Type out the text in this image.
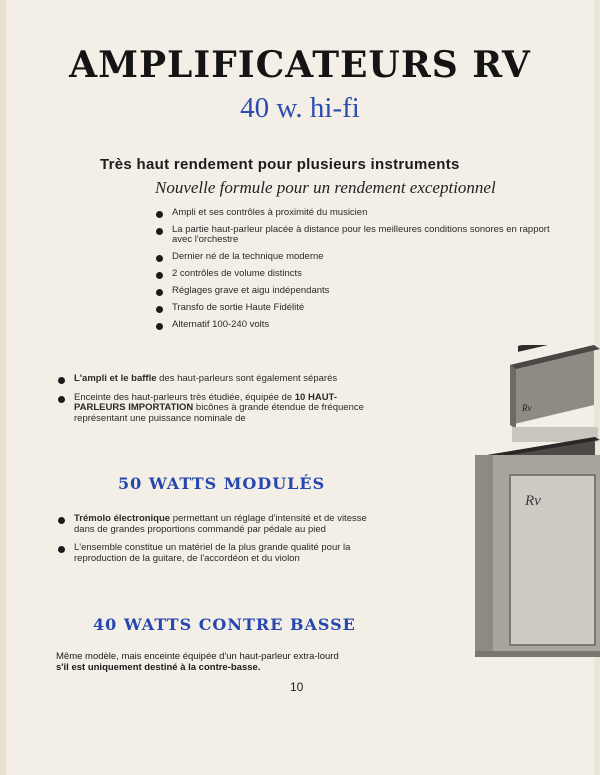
AMPLIFICATEURS RV
40 w. hi-fi
Très haut rendement pour plusieurs instruments
Nouvelle formule pour un rendement exceptionnel
Ampli et ses contrôles à proximité du musicien
La partie haut-parleur placée à distance pour les meilleures conditions sonores en rapport avec l'orchestre
Dernier né de la technique moderne
2 contrôles de volume distincts
Réglages grave et aigu indépendants
Transfo de sortie Haute Fidélité
Alternatif 100-240 volts
L'ampli et le baffle des haut-parleurs sont également séparés
Enceinte des haut-parleurs très étudiée, équipée de 10 HAUT-PARLEURS IMPORTATION bicônes à grande étendue de fréquence représentant une puissance nominale de
50 WATTS MODULÉS
Trémolo électronique permettant un réglage d'intensité et de vitesse dans de grandes proportions commandé par pédale au pied
L'ensemble constitue un matériel de la plus grande qualité pour la reproduction de la guitare, de l'accordéon et du violon
40 WATTS CONTRE BASSE
Même modèle, mais enceinte équipée d'un haut-parleur extra-lourd
s'il est uniquement destiné à la contre-basse.
10
Rv
Rv
